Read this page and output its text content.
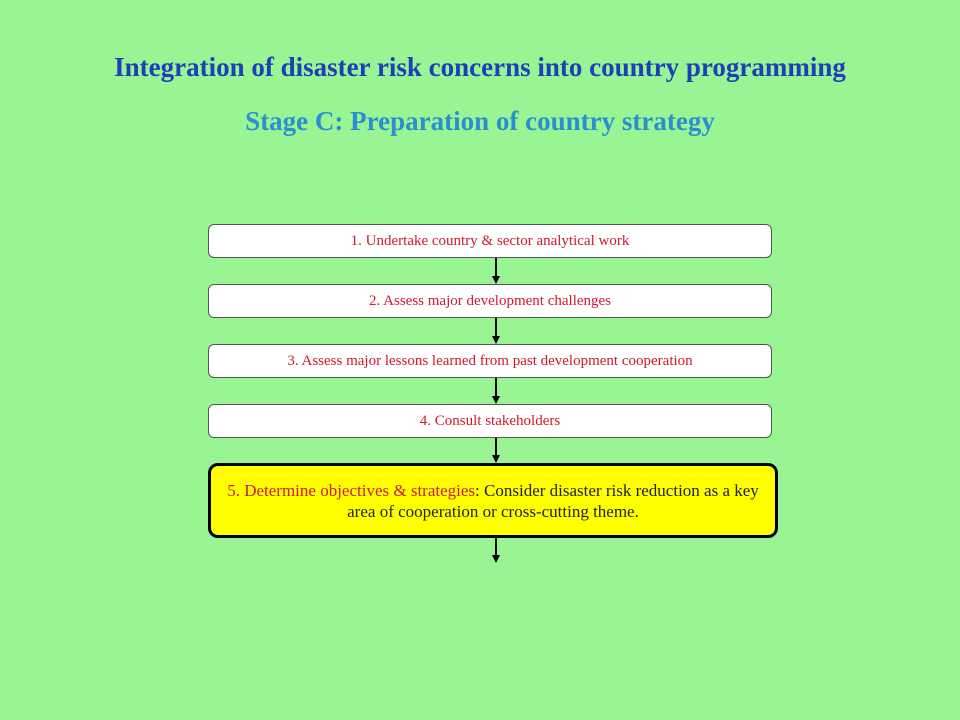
Integration of disaster risk concerns into country programming
Stage C: Preparation of country strategy
1. Undertake country & sector analytical work
2. Assess major development challenges
3. Assess major lessons learned from past development cooperation
4. Consult stakeholders
5. Determine objectives & strategies: Consider disaster risk reduction as a key area of cooperation or cross-cutting theme.
